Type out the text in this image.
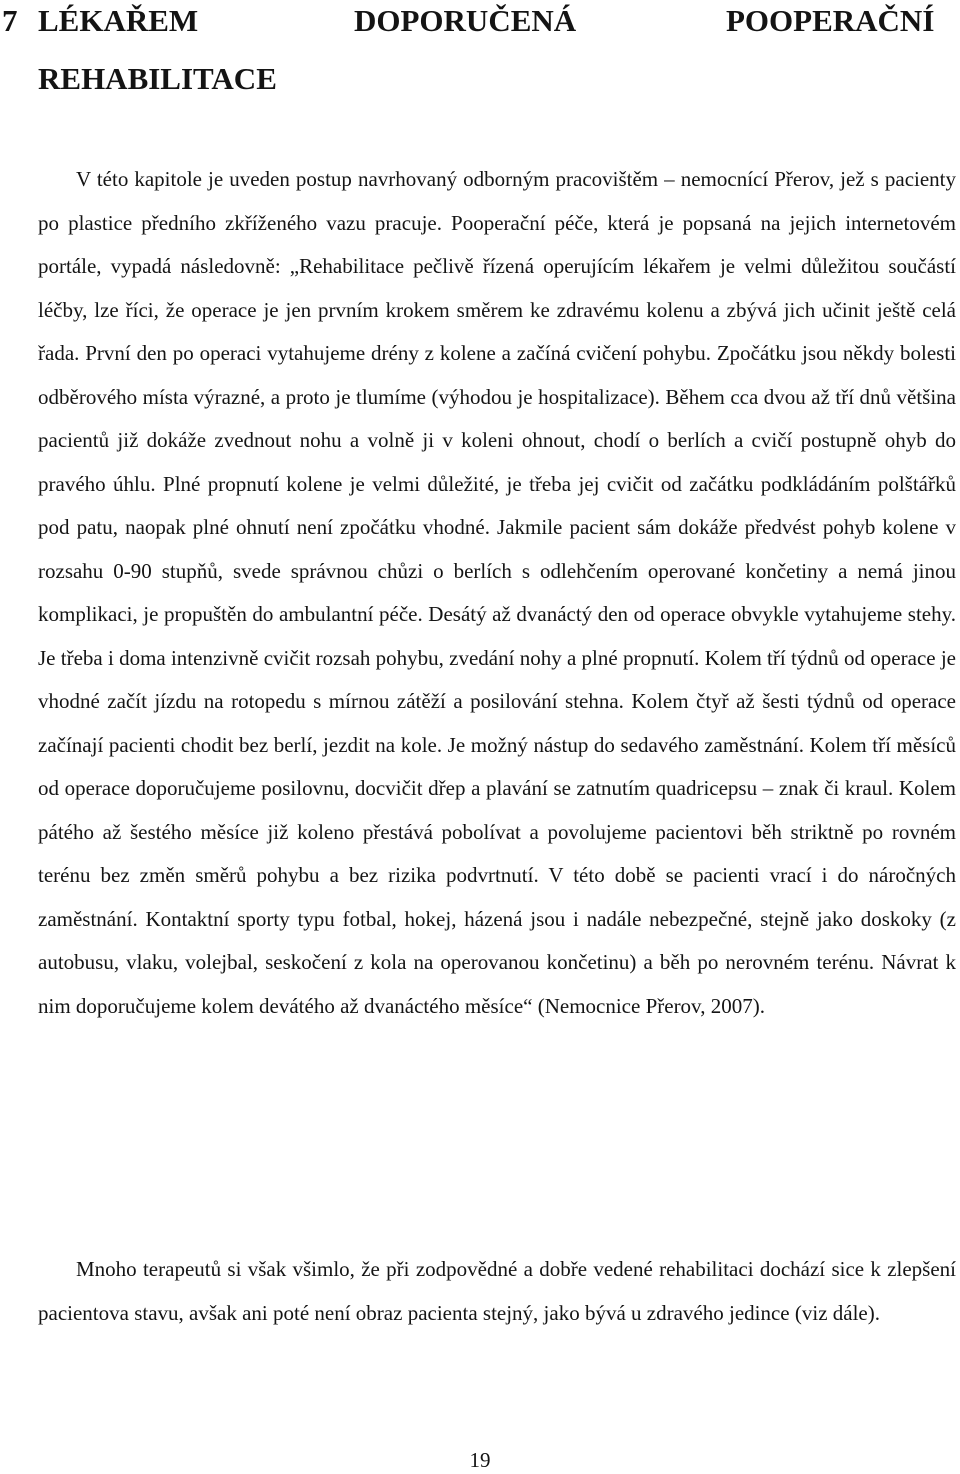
7 LÉKAŘEM	DOPORUČENÁ	POOPERAČNÍ
REHABILITACE

V této kapitole je uveden postup navrhovaný odborným pracovištěm – nemocnící Přerov, jež s pacienty po plastice předního zkříženého vazu pracuje. Pooperační péče, která je popsaná na jejich internetovém portále, vypadá následovně: „Rehabilitace pečlivě řízená operujícím lékařem je velmi důležitou součástí léčby, lze říci, že operace je jen prvním krokem směrem ke zdravému kolenu a zbývá jich učinit ještě celá řada. První den po operaci vytahujeme drény z kolene a začíná cvičení pohybu. Zpočátku jsou někdy bolesti odběrového místa výrazné, a proto je tlumíme (výhodou je hospitalizace). Během cca dvou až tří dnů většina pacientů již dokáže zvednout nohu a volně ji v koleni ohnout, chodí o berlích a cvičí postupně ohyb do pravého úhlu. Plné propnutí kolene je velmi důležité, je třeba jej cvičit od začátku podkládáním polštářků pod patu, naopak plné ohnutí není zpočátku vhodné. Jakmile pacient sám dokáže předvést pohyb kolene v rozsahu 0-90 stupňů, svede správnou chůzi o berlích s odlehčením operované končetiny a nemá jinou komplikaci, je propuštěn do ambulantní péče. Desátý až dvanáctý den od operace obvykle vytahujeme stehy. Je třeba i doma intenzivně cvičit rozsah pohybu, zvedání nohy a plné propnutí. Kolem tří týdnů od operace je vhodné začít jízdu na rotopedu s mírnou zátěží a posilování stehna. Kolem čtyř až šesti týdnů od operace začínají pacienti chodit bez berlí, jezdit na kole. Je možný nástup do sedavého zaměstnání. Kolem tří měsíců od operace doporučujeme posilovnu, docvičit dřep a plavání se zatnutím quadricepsu – znak či kraul. Kolem pátého až šestého měsíce již koleno přestává pobolívat a povolujeme pacientovi běh striktně po rovném terénu bez změn směrů pohybu a bez rizika podvrtnutí. V této době se pacienti vrací i do náročných zaměstnání. Kontaktní sporty typu fotbal, hokej, házená jsou i nadále nebezpečné, stejně jako doskoky (z autobusu, vlaku, volejbal, seskočení z kola na operovanou končetinu) a běh po nerovném terénu. Návrat k nim doporučujeme kolem devátého až dvanáctého měsíce“ (Nemocnice Přerov, 2007).

Mnoho terapeutů si však všimlo, že při zodpovědné a dobře vedené rehabilitaci dochází sice k zlepšení pacientova stavu, avšak ani poté není obraz pacienta stejný, jako bývá u zdravého jedince (viz dále).

19
